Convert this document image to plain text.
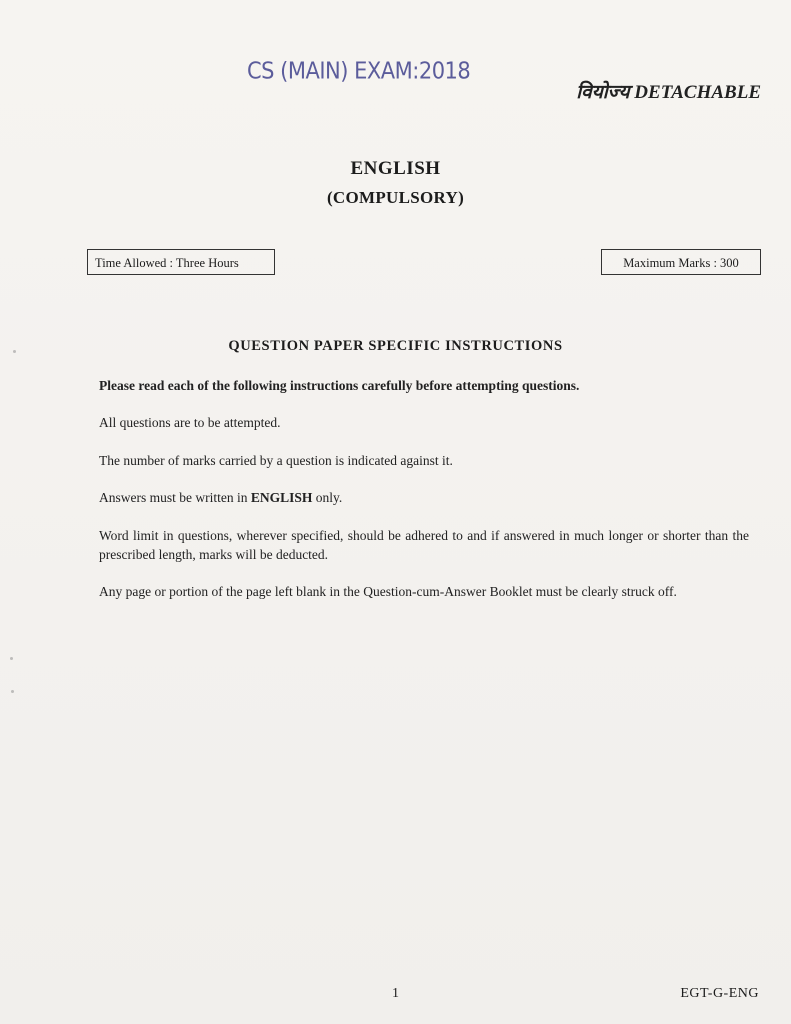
CS (MAIN) EXAM:2018
वियोज्य DETACHABLE
ENGLISH
(COMPULSORY)
Time Allowed : Three Hours	Maximum Marks : 300
QUESTION PAPER SPECIFIC INSTRUCTIONS
Please read each of the following instructions carefully before attempting questions.
All questions are to be attempted.
The number of marks carried by a question is indicated against it.
Answers must be written in ENGLISH only.
Word limit in questions, wherever specified, should be adhered to and if answered in much longer or shorter than the prescribed length, marks will be deducted.
Any page or portion of the page left blank in the Question-cum-Answer Booklet must be clearly struck off.
1	EGT-G-ENG
